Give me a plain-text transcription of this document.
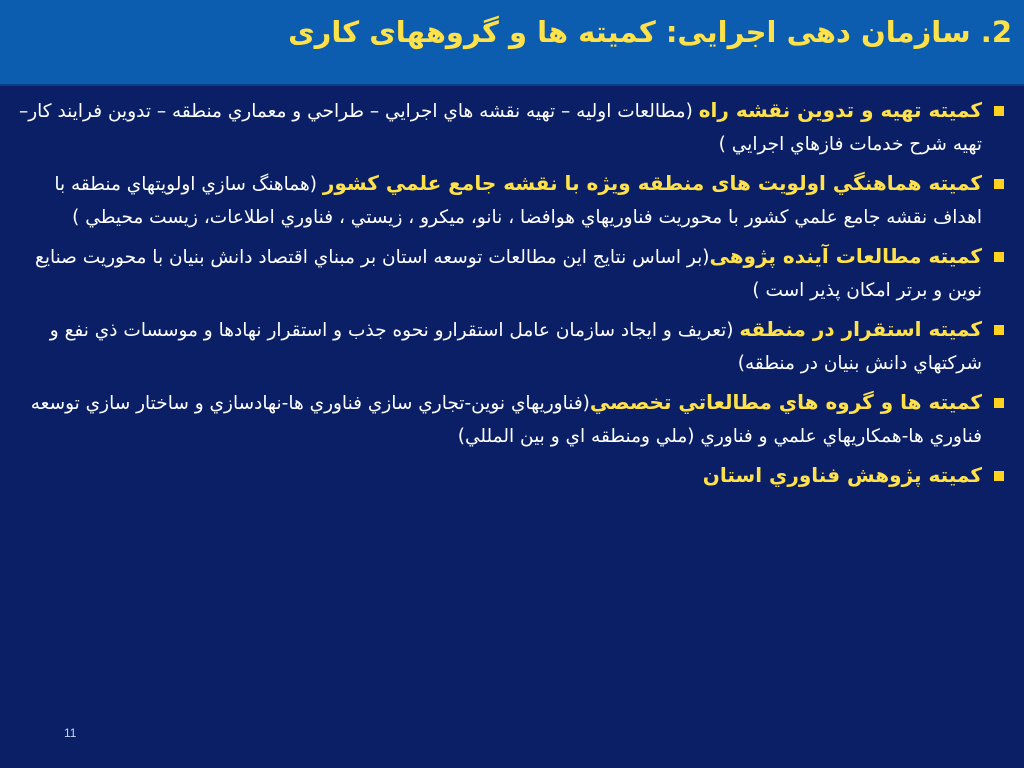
2. سازمان دهی اجرایی: کمیته ها و گروههای کاری
كميته تهيه و تدوين نقشه راه (مطالعات اوليه – تهيه نقشه هاي اجرايي – طراحي و معماري منطقه – تدوين فرايند كار– تهيه شرح خدمات فازهاي اجرايي )
كميته هماهنگي اولويت های منطقه ويژه با نقشه جامع علمي كشور (هماهنگ سازي اولويتهاي منطقه با اهداف نقشه جامع علمي كشور با محوريت فناوريهاي هوافضا ، نانو، ميكرو ، زيستي ، فناوري اطلاعات، زيست محيطي )
كميته مطالعات آينده پژوهی(بر اساس نتايج اين مطالعات توسعه استان بر مبناي اقتصاد دانش بنيان با محوريت صنايع نوين و برتر امكان پذير است )
كميته استقرار در منطقه (تعريف و ايجاد سازمان عامل استقرارو نحوه جذب و استقرار نهادها و موسسات ذي نفع و شركتهاي دانش بنيان در منطقه)
كميته ها و گروه هاي مطالعاتي تخصصي(فناوريهاي نوين-تجاري سازي فناوري ها-نهادسازي و ساختار سازي توسعه فناوري ها-همكاريهاي علمي و فناوري (ملي ومنطقه اي و بين المللي)
كميته پژوهش فناوري استان
11
